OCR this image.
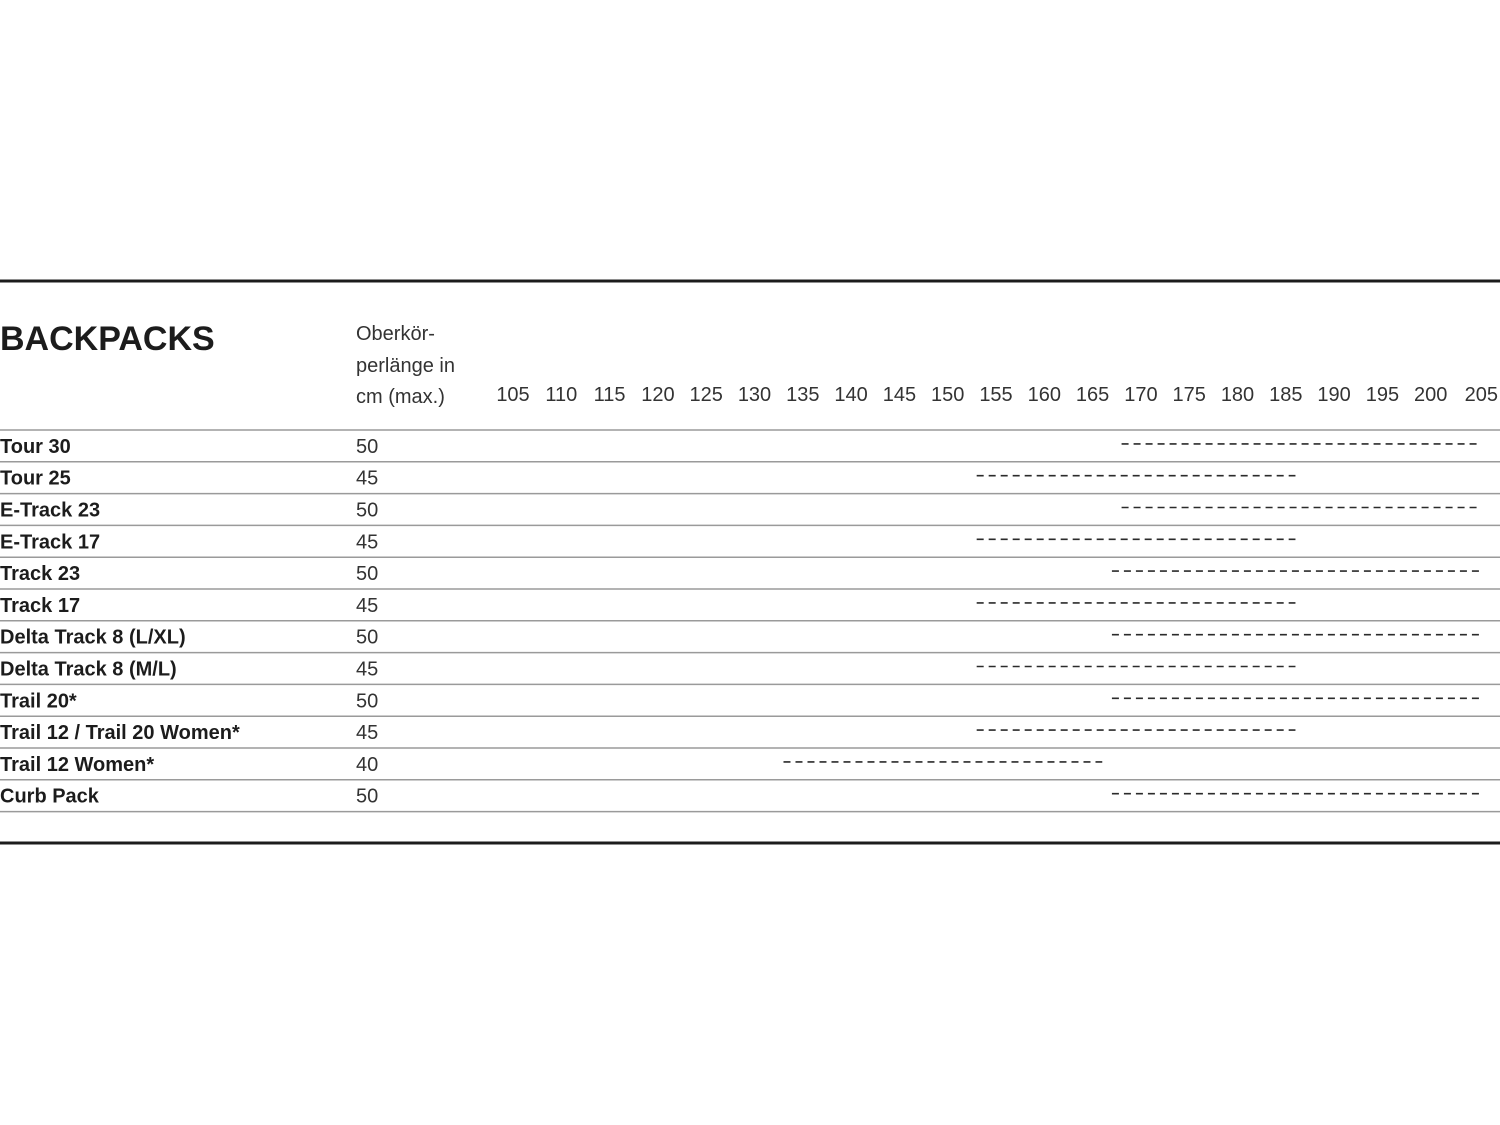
BACKPACKS	Oberkör-
perlänge in
cm (max.)	105 110 115 120 125 130 135 140 145 150 155 160 165 170 175 180 185 190 195 200 205
Tour 30	50
Tour 25	45
E-Track 23	50
E-Track 17	45
Track 23	50
Track 17	45
Delta Track 8 (L/XL)	50
Delta Track 8 (M/L)	45
Trail 20*	50
Trail 12 / Trail 20 Women*	45
Trail 12 Women*	40
Curb Pack	50
